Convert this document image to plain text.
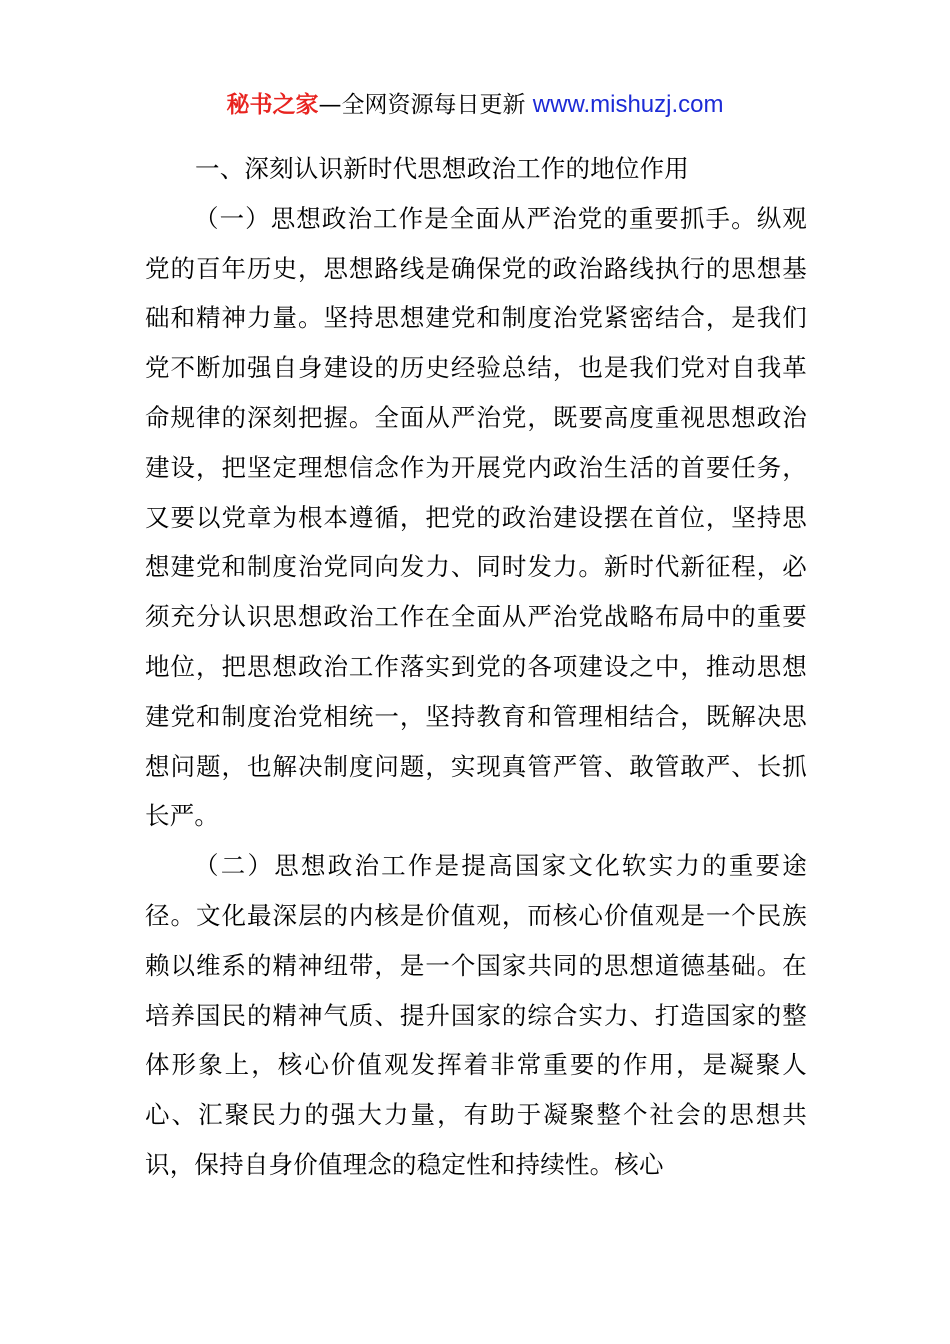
秘书之家—全网资源每日更新 www.mishuzj.com

一、深刻认识新时代思想政治工作的地位作用

（一）思想政治工作是全面从严治党的重要抓手。纵观党的百年历史，思想路线是确保党的政治路线执行的思想基础和精神力量。坚持思想建党和制度治党紧密结合，是我们党不断加强自身建设的历史经验总结，也是我们党对自我革命规律的深刻把握。全面从严治党，既要高度重视思想政治建设，把坚定理想信念作为开展党内政治生活的首要任务，又要以党章为根本遵循，把党的政治建设摆在首位，坚持思想建党和制度治党同向发力、同时发力。新时代新征程，必须充分认识思想政治工作在全面从严治党战略布局中的重要地位，把思想政治工作落实到党的各项建设之中，推动思想建党和制度治党相统一，坚持教育和管理相结合，既解决思想问题，也解决制度问题，实现真管严管、敢管敢严、长抓长严。

（二）思想政治工作是提高国家文化软实力的重要途径。文化最深层的内核是价值观，而核心价值观是一个民族赖以维系的精神纽带，是一个国家共同的思想道德基础。在培养国民的精神气质、提升国家的综合实力、打造国家的整体形象上，核心价值观发挥着非常重要的作用，是凝聚人心、汇聚民力的强大力量，有助于凝聚整个社会的思想共识，保持自身价值理念的稳定性和持续性。核心
